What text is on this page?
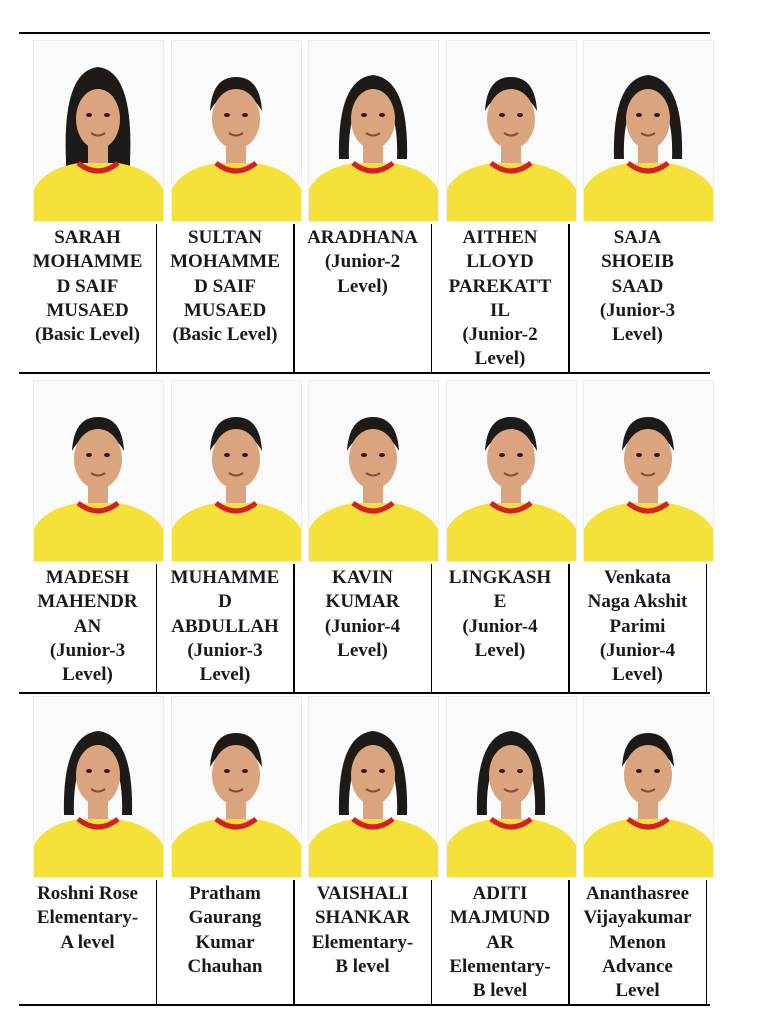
SARAH
MOHAMME
D SAIF
MUSAED
(Basic Level)
SULTAN
MOHAMME
D SAIF
MUSAED
(Basic Level)
ARADHANA
(Junior-2
Level)
AITHEN
LLOYD
PAREKATT
IL
(Junior-2
Level)
SAJA
SHOEIB
SAAD
(Junior-3
Level)
MADESH
MAHENDR
AN
(Junior-3
Level)
MUHAMME
D
ABDULLAH
(Junior-3
Level)
KAVIN
KUMAR
(Junior-4
Level)
LINGKASH
E
(Junior-4
Level)
Venkata
Naga Akshit
Parimi
(Junior-4
Level)
Roshni Rose
Elementary-
A level
Pratham
Gaurang
Kumar
Chauhan
VAISHALI
SHANKAR
Elementary-
B level
ADITI
MAJMUND
AR
Elementary-
B level
Ananthasree
Vijayakumar
Menon
Advance
Level
